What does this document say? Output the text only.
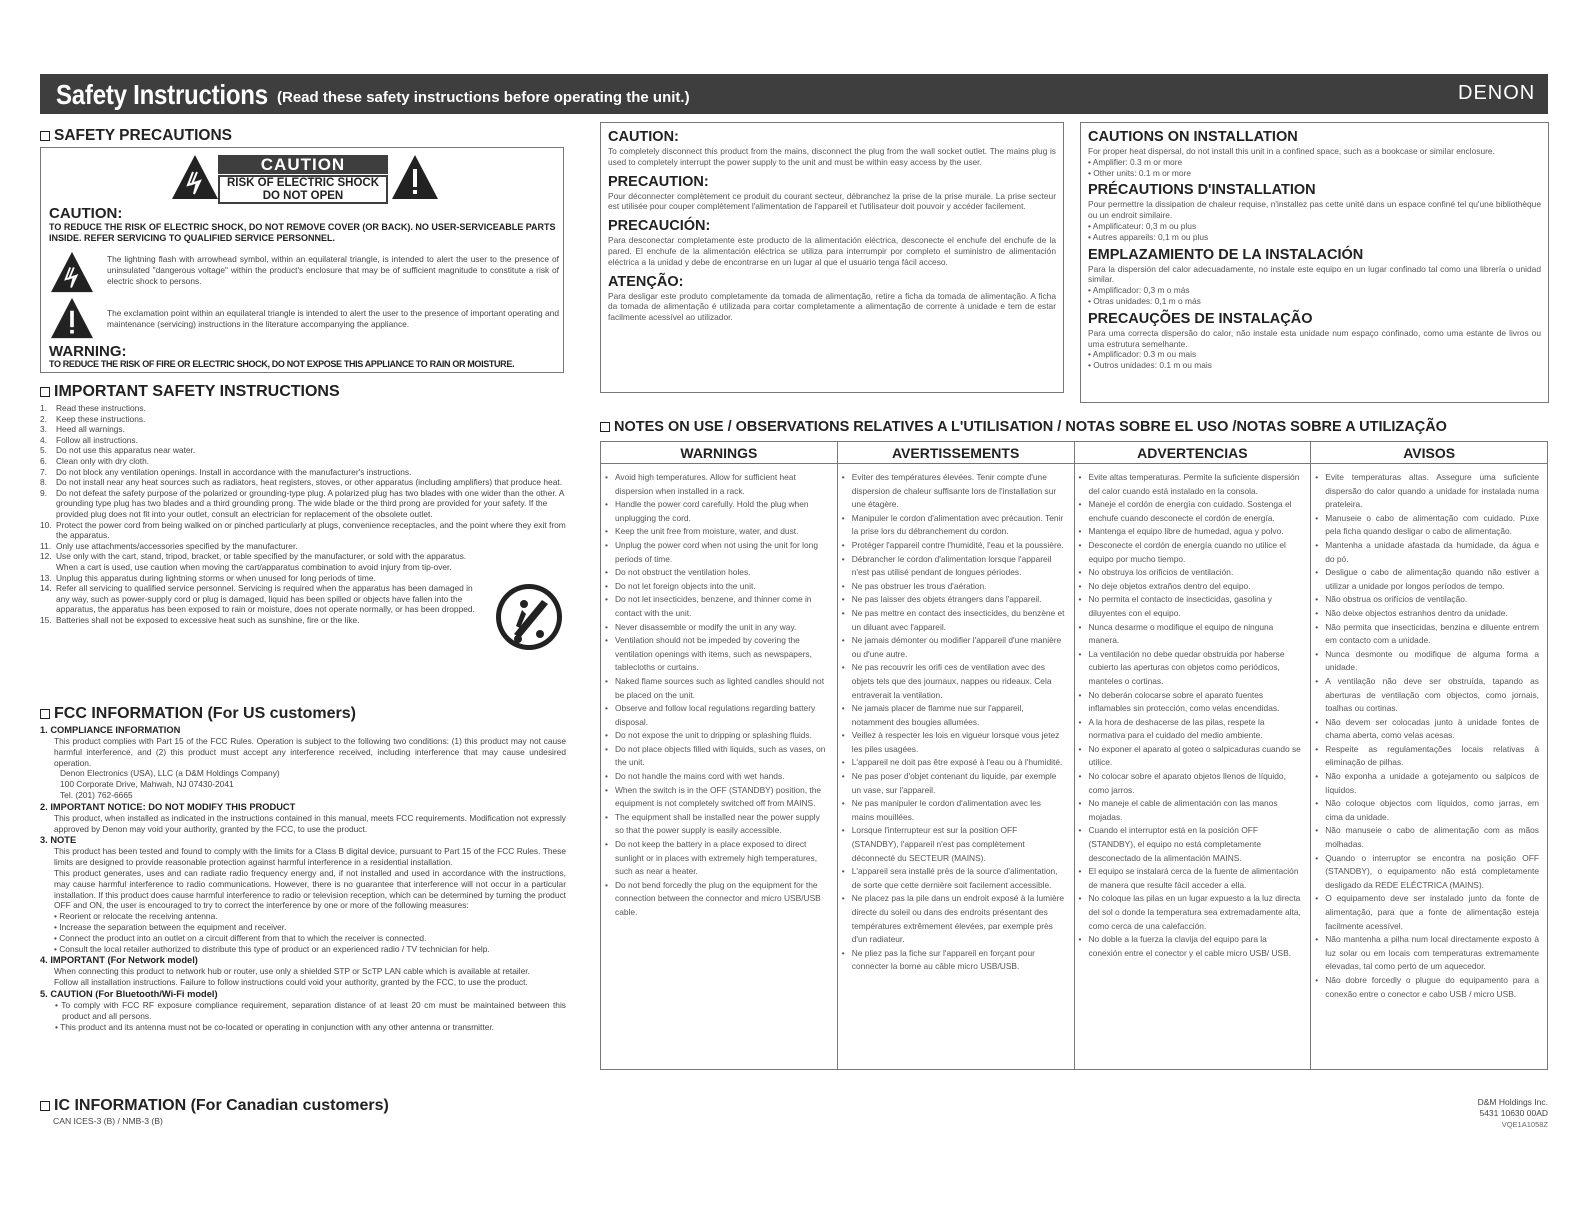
Safety Instructions (Read these safety instructions before operating the unit.)	DENON
SAFETY PRECAUTIONS
CAUTION
RISK OF ELECTRIC SHOCK
DO NOT OPEN
CAUTION:
TO REDUCE THE RISK OF ELECTRIC SHOCK, DO NOT REMOVE COVER (OR BACK). NO USER-SERVICEABLE PARTS INSIDE. REFER SERVICING TO QUALIFIED SERVICE PERSONNEL.
The lightning flash with arrowhead symbol, within an equilateral triangle, is intended to alert the user to the presence of uninsulated "dangerous voltage" within the product's enclosure that may be of sufficient magnitude to constitute a risk of electric shock to persons.
The exclamation point within an equilateral triangle is intended to alert the user to the presence of important operating and maintenance (servicing) instructions in the literature accompanying the appliance.
WARNING:
TO REDUCE THE RISK OF FIRE OR ELECTRIC SHOCK, DO NOT EXPOSE THIS APPLIANCE TO RAIN OR MOISTURE.
IMPORTANT SAFETY INSTRUCTIONS
1. Read these instructions.
2. Keep these instructions.
3. Heed all warnings.
4. Follow all instructions.
5. Do not use this apparatus near water.
6. Clean only with dry cloth.
7. Do not block any ventilation openings. Install in accordance with the manufacturer's instructions.
8. Do not install near any heat sources such as radiators, heat registers, stoves, or other apparatus (including amplifiers) that produce heat.
9. Do not defeat the safety purpose of the polarized or grounding-type plug. A polarized plug has two blades with one wider than the other. A grounding type plug has two blades and a third grounding prong. The wide blade or the third prong are provided for your safety. If the provided plug does not fit into your outlet, consult an electrician for replacement of the obsolete outlet.
10. Protect the power cord from being walked on or pinched particularly at plugs, convenience receptacles, and the point where they exit from the apparatus.
11. Only use attachments/accessories specified by the manufacturer.
12. Use only with the cart, stand, tripod, bracket, or table specified by the manufacturer, or sold with the apparatus. When a cart is used, use caution when moving the cart/apparatus combination to avoid injury from tip-over.
13. Unplug this apparatus during lightning storms or when unused for long periods of time.
14. Refer all servicing to qualified service personnel. Servicing is required when the apparatus has been damaged in any way, such as power-supply cord or plug is damaged, liquid has been spilled or objects have fallen into the apparatus, the apparatus has been exposed to rain or moisture, does not operate normally, or has been dropped.
15. Batteries shall not be exposed to excessive heat such as sunshine, fire or the like.
FCC INFORMATION (For US customers)
1. COMPLIANCE INFORMATION
This product complies with Part 15 of the FCC Rules. Operation is subject to the following two conditions: (1) this product may not cause harmful interference, and (2) this product must accept any interference received, including interference that may cause undesired operation.
Denon Electronics (USA), LLC (a D&M Holdings Company)
100 Corporate Drive, Mahwah, NJ 07430-2041
Tel. (201) 762-6665
2. IMPORTANT NOTICE: DO NOT MODIFY THIS PRODUCT
This product, when installed as indicated in the instructions contained in this manual, meets FCC requirements. Modification not expressly approved by Denon may void your authority, granted by the FCC, to use the product.
3. NOTE
This product has been tested and found to comply with the limits for a Class B digital device, pursuant to Part 15 of the FCC Rules. These limits are designed to provide reasonable protection against harmful interference in a residential installation.
This product generates, uses and can radiate radio frequency energy and, if not installed and used in accordance with the instructions, may cause harmful interference to radio communications. However, there is no guarantee that interference will not occur in a particular installation. If this product does cause harmful interference to radio or television reception, which can be determined by turning the product OFF and ON, the user is encouraged to try to correct the interference by one or more of the following measures:
• Reorient or relocate the receiving antenna.
• Increase the separation between the equipment and receiver.
• Connect the product into an outlet on a circuit different from that to which the receiver is connected.
• Consult the local retailer authorized to distribute this type of product or an experienced radio / TV technician for help.
4. IMPORTANT (For Network model)
When connecting this product to network hub or router, use only a shielded STP or ScTP LAN cable which is available at retailer.
Follow all installation instructions. Failure to follow instructions could void your authority, granted by the FCC, to use the product.
5. CAUTION (For Bluetooth/Wi-Fi model)
• To comply with FCC RF exposure compliance requirement, separation distance of at least 20 cm must be maintained between this product and all persons.
• This product and its antenna must not be co-located or operating in conjunction with any other antenna or transmitter.
IC INFORMATION (For Canadian customers)
CAN ICES-3 (B) / NMB-3 (B)
CAUTION:
To completely disconnect this product from the mains, disconnect the plug from the wall socket outlet. The mains plug is used to completely interrupt the power supply to the unit and must be within easy access by the user.
PRECAUTION:
Pour déconnecter complètement ce produit du courant secteur, débranchez la prise de la prise murale. La prise secteur est utilisée pour couper complètement l'alimentation de l'appareil et l'utilisateur doit pouvoir y accéder facilement.
PRECAUCIÓN:
Para desconectar completamente este producto de la alimentación eléctrica, desconecte el enchufe del enchufe de la pared. El enchufe de la alimentación eléctrica se utiliza para interrumpir por completo el suministro de alimentación eléctrica a la unidad y debe de encontrarse en un lugar al que el usuario tenga fácil acceso.
ATENÇÃO:
Para desligar este produto completamente da tomada de alimentação, retire a ficha da tomada de alimentação. A ficha da tomada de alimentação é utilizada para cortar completamente a alimentação de corrente à unidade e tem de estar facilmente acessível ao utilizador.
CAUTIONS ON INSTALLATION
For proper heat dispersal, do not install this unit in a confined space, such as a bookcase or similar enclosure.
• Amplifier: 0.3 m or more
• Other units: 0.1 m or more
PRÉCAUTIONS D'INSTALLATION
Pour permettre la dissipation de chaleur requise, n'installez pas cette unité dans un espace confiné tel qu'une bibliothèque ou un endroit similaire.
• Amplificateur: 0,3 m ou plus
• Autres appareils: 0,1 m ou plus
EMPLAZAMIENTO DE LA INSTALACIÓN
Para la dispersión del calor adecuadamente, no instale este equipo en un lugar confinado tal como una librería o unidad similar.
• Amplificador: 0,3 m o más
• Otras unidades: 0,1 m o más
PRECAUÇÕES DE INSTALAÇÃO
Para uma correcta dispersão do calor, não instale esta unidade num espaço confinado, como uma estante de livros ou uma estrutura semelhante.
• Amplificador: 0.3 m ou mais
• Outros unidades: 0.1 m ou mais
NOTES ON USE / OBSERVATIONS RELATIVES A L'UTILISATION / NOTAS SOBRE EL USO /NOTAS SOBRE A UTILIZAÇÃO
WARNINGS
• Avoid high temperatures. Allow for sufficient heat dispersion when installed in a rack.
• Handle the power cord carefully. Hold the plug when unplugging the cord.
• Keep the unit free from moisture, water, and dust.
• Unplug the power cord when not using the unit for long periods of time.
• Do not obstruct the ventilation holes.
• Do not let foreign objects into the unit.
• Do not let insecticides, benzene, and thinner come in contact with the unit.
• Never disassemble or modify the unit in any way.
• Ventilation should not be impeded by covering the ventilation openings with items, such as newspapers, tablecloths or curtains.
• Naked flame sources such as lighted candles should not be placed on the unit.
• Observe and follow local regulations regarding battery disposal.
• Do not expose the unit to dripping or splashing fluids.
• Do not place objects filled with liquids, such as vases, on the unit.
• Do not handle the mains cord with wet hands.
• When the switch is in the OFF (STANDBY) position, the equipment is not completely switched off from MAINS.
• The equipment shall be installed near the power supply so that the power supply is easily accessible.
• Do not keep the battery in a place exposed to direct sunlight or in places with extremely high temperatures, such as near a heater.
• Do not bend forcedly the plug on the equipment for the connection between the connector and micro USB/USB cable.
AVERTISSEMENTS
• Eviter des températures élevées. Tenir compte d'une dispersion de chaleur suffisante lors de l'installation sur une étagère.
• Manipuler le cordon d'alimentation avec précaution. Tenir la prise lors du débranchement du cordon.
• Protéger l'appareil contre l'humidité, l'eau et la poussière.
• Débrancher le cordon d'alimentation lorsque l'appareil n'est pas utilisé pendant de longues périodes.
• Ne pas obstruer les trous d'aération.
• Ne pas laisser des objets étrangers dans l'appareil.
• Ne pas mettre en contact des insecticides, du benzène et un diluant avec l'appareil.
• Ne jamais démonter ou modifier l'appareil d'une manière ou d'une autre.
• Ne pas recouvrir les orifi ces de ventilation avec des objets tels que des journaux, nappes ou rideaux. Cela entraverait la ventilation.
• Ne jamais placer de flamme nue sur l'appareil, notamment des bougies allumées.
• Veillez à respecter les lois en vigueur lorsque vous jetez les piles usagées.
• L'appareil ne doit pas être exposé à l'eau ou à l'humidité.
• Ne pas poser d'objet contenant du liquide, par exemple un vase, sur l'appareil.
• Ne pas manipuler le cordon d'alimentation avec les mains mouillées.
• Lorsque l'interrupteur est sur la position OFF (STANDBY), l'appareil n'est pas complètement déconnecté du SECTEUR (MAINS).
• L'appareil sera installé près de la source d'alimentation, de sorte que cette dernière soit facilement accessible.
• Ne placez pas la pile dans un endroit exposé à la lumière directe du soleil ou dans des endroits présentant des températures extrêmement élevées, par exemple près d'un radiateur.
• Ne pliez pas la fiche sur l'appareil en forçant pour connecter la borne au câble micro USB/USB.
ADVERTENCIAS
• Evite altas temperaturas. Permite la suficiente dispersión del calor cuando está instalado en la consola.
• Maneje el cordón de energía con cuidado. Sostenga el enchufe cuando desconecte el cordón de energía.
• Mantenga el equipo libre de humedad, agua y polvo.
• Desconecte el cordón de energía cuando no utilice el equipo por mucho tiempo.
• No obstruya los orificios de ventilación.
• No deje objetos extraños dentro del equipo.
• No permita el contacto de insecticidas, gasolina y diluyentes con el equipo.
• Nunca desarme o modifique el equipo de ninguna manera.
• La ventilación no debe quedar obstruida por haberse cubierto las aperturas con objetos como periódicos, manteles o cortinas.
• No deberán colocarse sobre el aparato fuentes inflamables sin protección, como velas encendidas.
• A la hora de deshacerse de las pilas, respete la normativa para el cuidado del medio ambiente.
• No exponer el aparato al goteo o salpicaduras cuando se utilice.
• No colocar sobre el aparato objetos llenos de líquido, como jarros.
• No maneje el cable de alimentación con las manos mojadas.
• Cuando el interruptor está en la posición OFF (STANDBY), el equipo no está completamente desconectado de la alimentación MAINS.
• El equipo se instalará cerca de la fuente de alimentación de manera que resulte fácil acceder a ella.
• No coloque las pilas en un lugar expuesto a la luz directa del sol o donde la temperatura sea extremadamente alta, como cerca de una calefacción.
• No doble a la fuerza la clavija del equipo para la conexión entre el conector y el cable micro USB/ USB.
AVISOS
• Evite temperaturas altas. Assegure uma suficiente dispersão do calor quando a unidade for instalada numa prateleira.
• Manuseie o cabo de alimentação com cuidado. Puxe pela ficha quando desligar o cabo de alimentação.
• Mantenha a unidade afastada da humidade, da água e do pó.
• Desligue o cabo de alimentação quando não estiver a utilizar a unidade por longos períodos de tempo.
• Não obstrua os orifícios de ventilação.
• Não deixe objectos estranhos dentro da unidade.
• Não permita que insecticidas, benzina e diluente entrem em contacto com a unidade.
• Nunca desmonte ou modifique de alguma forma a unidade.
• A ventilação não deve ser obstruída, tapando as aberturas de ventilação com objectos, como jornais, toalhas ou cortinas.
• Não devem ser colocadas junto à unidade fontes de chama aberta, como velas acesas.
• Respeite as regulamentações locais relativas à eliminação de pilhas.
• Não exponha a unidade a gotejamento ou salpicos de líquidos.
• Não coloque objectos com líquidos, como jarras, em cima da unidade.
• Não manuseie o cabo de alimentação com as mãos molhadas.
• Quando o interruptor se encontra na posição OFF (STANDBY), o equipamento não está completamente desligado da REDE ELÉCTRICA (MAINS).
• O equipamento deve ser instalado junto da fonte de alimentação, para que a fonte de alimentação esteja facilmente acessível.
• Não mantenha a pilha num local directamente exposto à luz solar ou em locais com temperaturas extremamente elevadas, tal como perto de um aquecedor.
• Não dobre forcedly o plugue do equipamento para a conexão entre o conector e cabo USB / micro USB.
D&M Holdings Inc.
5431 10630 00AD
VQE1A1058Z
